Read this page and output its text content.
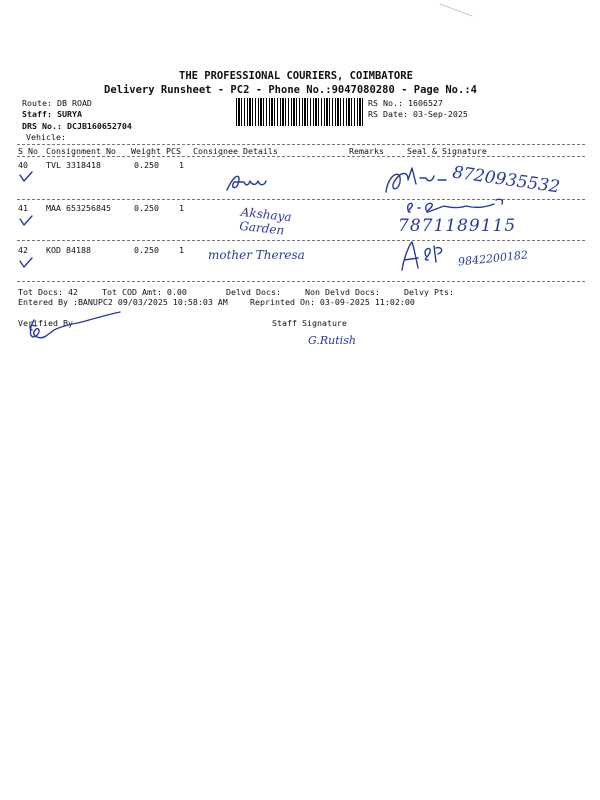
THE PROFESSIONAL COURIERS, COIMBATORE
Delivery Runsheet - PC2 - Phone No.:9047080280 - Page No.:4
Route: DB ROAD
Staff: SURYA
DRS No.: DCJB160652704
Vehicle:
RS No.: 1606527
RS Date: 03-Sep-2025
S No Consignment No Weight PCS Consignee Details	Remarks	Seal & Signature
40 TVL 3318418	0.250 1	8720935532
41 MAA 653256845	0.250 1	Akshaya Garden	7871189115
42 KOD 84188	0.250 1 mother Theresa	9842200182
Tot Docs: 42	Tot COD Amt: 0.00	Delvd Docs:	Non Delvd Docs:	Delvy Pts:
Entered By :BANUPC2 09/03/2025 10:58:03 AM	Reprinted On: 03-09-2025 11:02:00
Verified By	Staff Signature
G.Rutish
